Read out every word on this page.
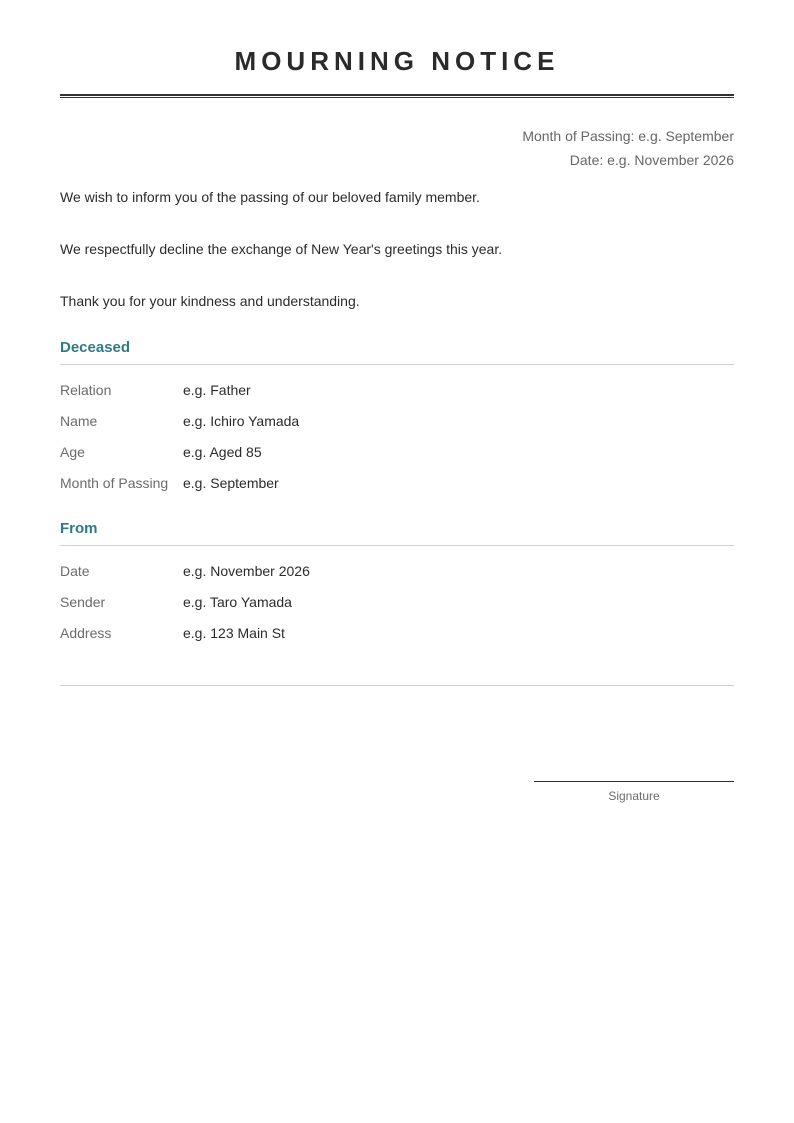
MOURNING NOTICE
Month of Passing: e.g. September
Date: e.g. November 2026
We wish to inform you of the passing of our beloved family member.
We respectfully decline the exchange of New Year's greetings this year.
Thank you for your kindness and understanding.
Deceased
Relation	e.g. Father
Name	e.g. Ichiro Yamada
Age	e.g. Aged 85
Month of Passing e.g. September
From
Date	e.g. November 2026
Sender	e.g. Taro Yamada
Address	e.g. 123 Main St
Signature
